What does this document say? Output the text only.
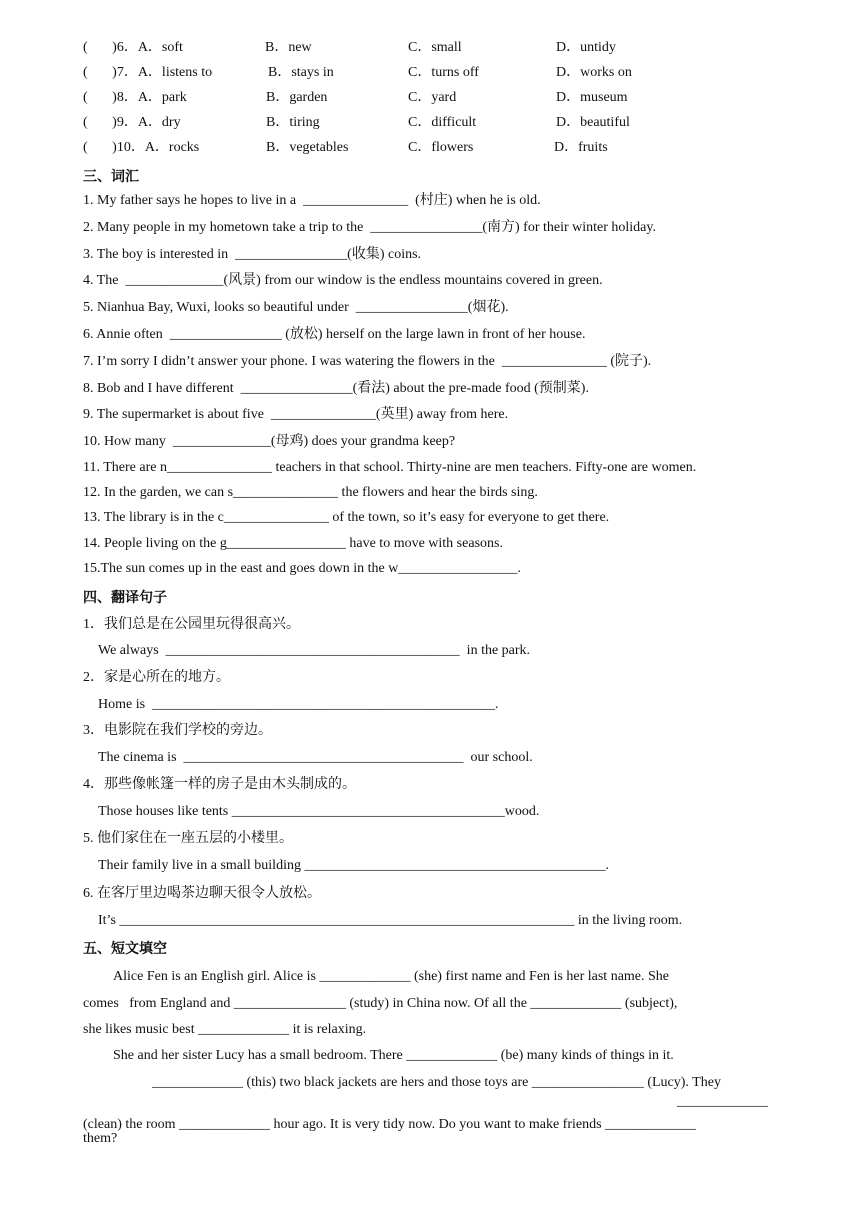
(       )6．A．soft	B．new	C．small	D．untidy
(       )7．A．listens to	B．stays in	C．turns off	D．works on
(       )8．A．park	B．garden	C．yard	D．museum
(       )9．A．dry	B．tiring	C．difficult	D．beautiful
(       )10．A．rocks	B．vegetables	C．flowers	D．fruits
三、词汇
1. My father says he hopes to live in a  _______________  (村庄) when he is old.
2. Many people in my hometown take a trip to the  ________________(南方) for their winter holiday.
3. The boy is interested in  ________________(收集) coins.
4. The  ______________(风景) from our window is the endless mountains covered in green.
5. Nianhua Bay, Wuxi, looks so beautiful under  ________________(烟花).
6. Annie often  ________________ (放松) herself on the large lawn in front of her house.
7. I’m sorry I didn’t answer your phone. I was watering the flowers in the  _______________ (院子).
8. Bob and I have different  ________________(看法) about the pre-made food (预制菜).
9. The supermarket is about five  _______________(英里) away from here.
10. How many  ______________(母鸡) does your grandma keep?
11. There are n_______________ teachers in that school. Thirty-nine are men teachers. Fifty-one are women.
12. In the garden, we can s_______________ the flowers and hear the birds sing.
13. The library is in the c_______________ of the town, so it’s easy for everyone to get there.
14. People living on the g_________________ have to move with seasons.
15.The sun comes up in the east and goes down in the w_________________.
四、翻译句子
1．我们总是在公园里玩得很高兴。
We always  __________________________________________  in the park.
2．家是心所在的地方。
Home is  _________________________________________________.
3．电影院在我们学校的旁边。
The cinema is  ________________________________________  our school.
4．那些像帐篷一样的房子是由木头制成的。
Those houses like tents _______________________________________wood.
5. 他们家住在一座五层的小楼里。
Their family live in a small building ___________________________________________.
6. 在客厅里边喝茶边聊天很令人放松。
It’s _________________________________________________________________ in the living room.
五、短文填空
Alice Fen is an English girl. Alice is _____________ (she) first name and Fen is her last name. She
comes   from England and ________________ (study) in China now. Of all the _____________ (subject),
she likes music best _____________ it is relaxing.
She and her sister Lucy has a small bedroom. There _____________ (be) many kinds of things in it.
_____________ (this) two black jackets are hers and those toys are ________________ (Lucy). They
_____________
(clean) the room _____________ hour ago. It is very tidy now. Do you want to make friends _____________
them?
